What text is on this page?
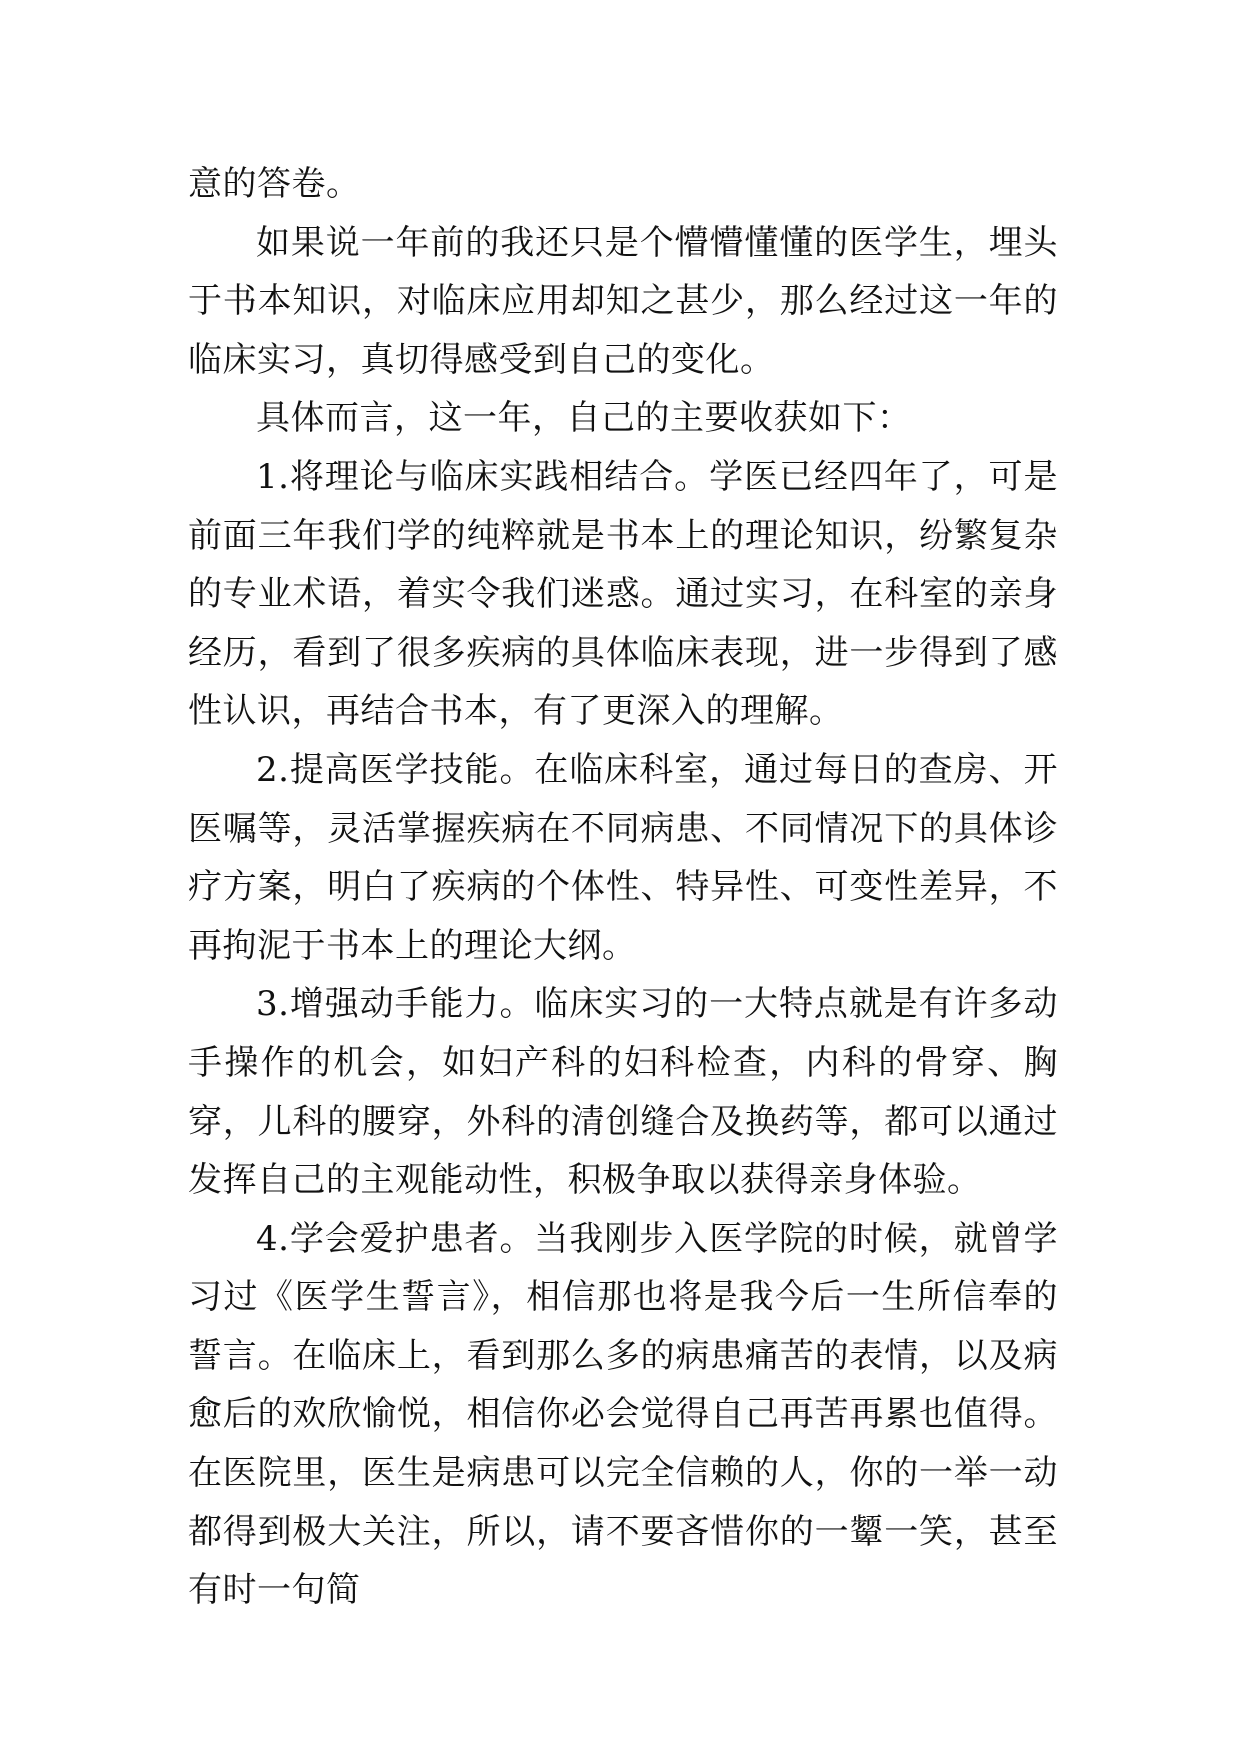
意的答卷。

如果说一年前的我还只是个懵懵懂懂的医学生，埋头于书本知识，对临床应用却知之甚少，那么经过这一年的临床实习，真切得感受到自己的变化。

具体而言，这一年，自己的主要收获如下：

1.将理论与临床实践相结合。学医已经四年了，可是前面三年我们学的纯粹就是书本上的理论知识，纷繁复杂的专业术语，着实令我们迷惑。通过实习，在科室的亲身经历，看到了很多疾病的具体临床表现，进一步得到了感性认识，再结合书本，有了更深入的理解。

2.提高医学技能。在临床科室，通过每日的查房、开医嘱等，灵活掌握疾病在不同病患、不同情况下的具体诊疗方案，明白了疾病的个体性、特异性、可变性差异，不再拘泥于书本上的理论大纲。

3.增强动手能力。临床实习的一大特点就是有许多动手操作的机会，如妇产科的妇科检查，内科的骨穿、胸穿，儿科的腰穿，外科的清创缝合及换药等，都可以通过发挥自己的主观能动性，积极争取以获得亲身体验。

4.学会爱护患者。当我刚步入医学院的时候，就曾学习过《医学生誓言》，相信那也将是我今后一生所信奉的誓言。在临床上，看到那么多的病患痛苦的表情，以及病愈后的欢欣愉悦，相信你必会觉得自己再苦再累也值得。在医院里，医生是病患可以完全信赖的人，你的一举一动都得到极大关注，所以，请不要吝惜你的一颦一笑，甚至有时一句简
